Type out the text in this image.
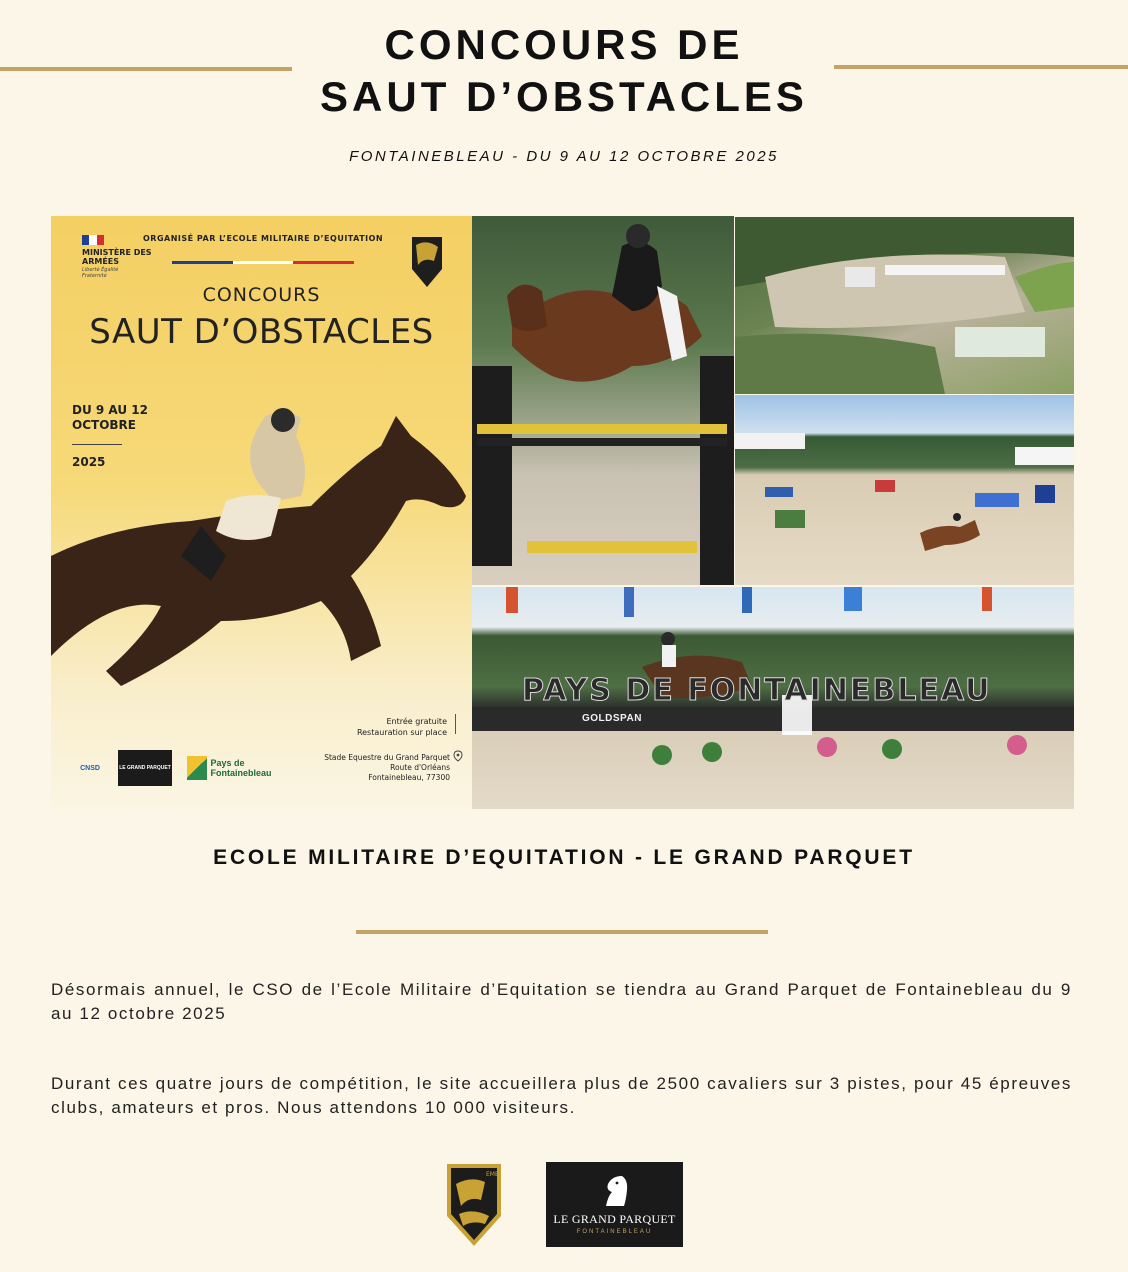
CONCOURS DE
SAUT D’OBSTACLES
FONTAINEBLEAU - DU 9 AU 12 OCTOBRE 2025
MINISTÈRE DES ARMÉES
Liberté Égalité Fraternité
ORGANISÉ PAR L’ECOLE MILITAIRE D’EQUITATION
CONCOURS
SAUT D’OBSTACLES
DU 9 AU 12 OCTOBRE
2025
Entrée gratuite
Restauration sur place
CNSD	LE GRAND PARQUET	Pays de Fontainebleau
Stade Equestre du Grand Parquet
Route d'Orléans
Fontainebleau, 77300
PAYS DE FONTAINEBLEAU
GOLDSPAN
ECOLE MILITAIRE D’EQUITATION - LE GRAND PARQUET

Désormais annuel, le CSO de l’Ecole Militaire d’Equitation se tiendra au Grand Parquet de Fontainebleau du 9 au 12 octobre 2025

Durant ces quatre jours de compétition, le site accueillera plus de 2500 cavaliers sur 3 pistes, pour 45 épreuves clubs, amateurs et pros. Nous attendons 10 000 visiteurs.

EME
LE GRAND PARQUET
FONTAINEBLEAU
